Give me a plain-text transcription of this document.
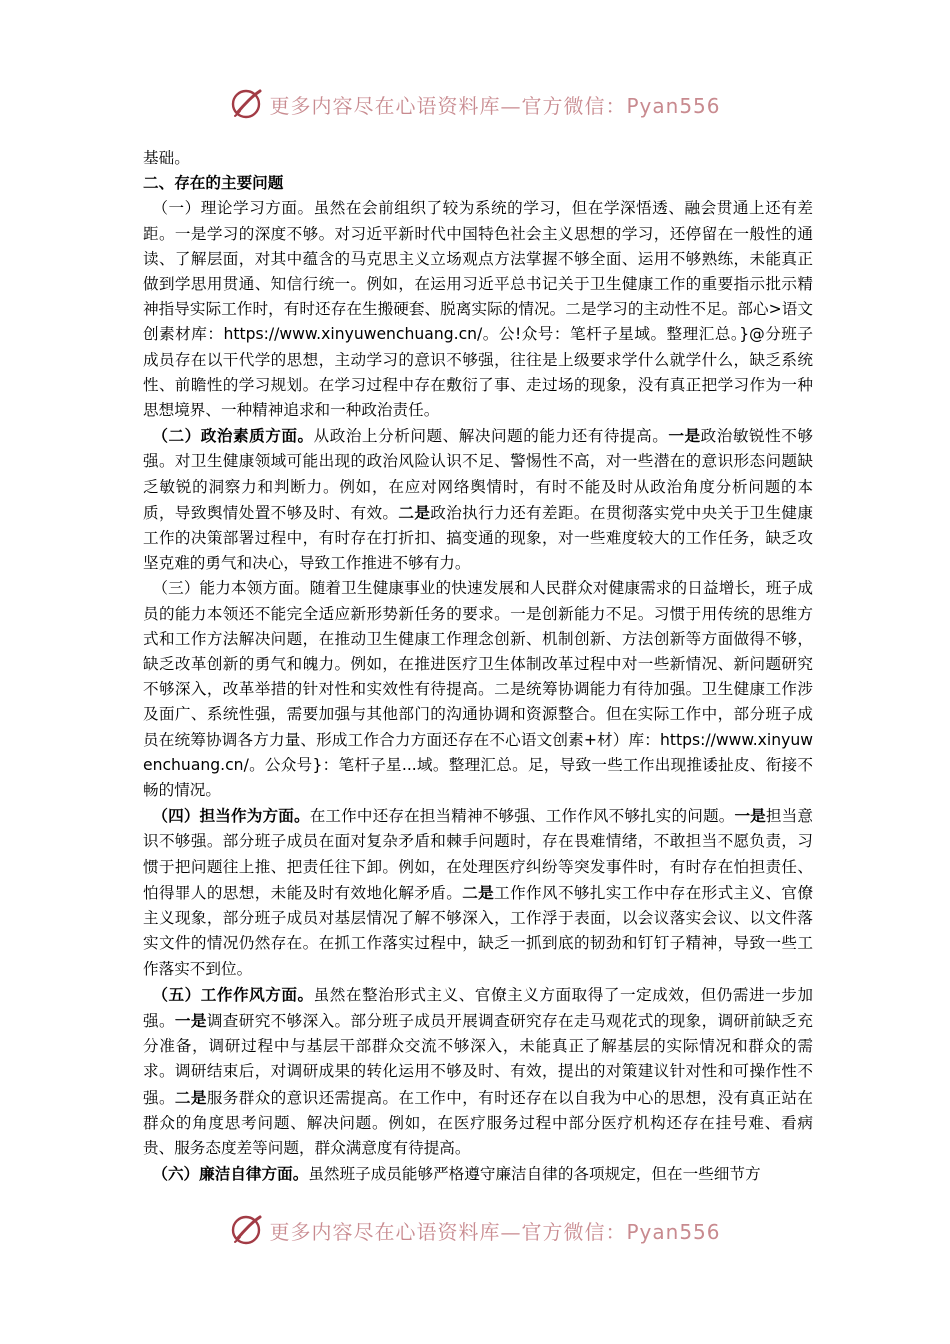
更多内容尽在心语资料库—官方微信：Pyan556

基础。

二、存在的主要问题

（一）理论学习方面。虽然在会前组织了较为系统的学习，但在学深悟透、融会贯通上还有差距。一是学习的深度不够。对习近平新时代中国特色社会主义思想的学习，还停留在一般性的通读、了解层面，对其中蕴含的马克思主义立场观点方法掌握不够全面、运用不够熟练，未能真正做到学思用贯通、知信行统一。例如，在运用习近平总书记关于卫生健康工作的重要指示批示精神指导实际工作时，有时还存在生搬硬套、脱离实际的情况。二是学习的主动性不足。部心>语文创素材库：https://www.xinyuwenchuang.cn/。公!众号：笔杆子星域。整理汇总。}@分班子成员存在以干代学的思想，主动学习的意识不够强，往往是上级要求学什么就学什么，缺乏系统性、前瞻性的学习规划。在学习过程中存在敷衍了事、走过场的现象，没有真正把学习作为一种思想境界、一种精神追求和一种政治责任。

（二）政治素质方面。从政治上分析问题、解决问题的能力还有待提高。一是政治敏锐性不够强。对卫生健康领域可能出现的政治风险认识不足、警惕性不高，对一些潜在的意识形态问题缺乏敏锐的洞察力和判断力。例如，在应对网络舆情时，有时不能及时从政治角度分析问题的本质，导致舆情处置不够及时、有效。二是政治执行力还有差距。在贯彻落实党中央关于卫生健康工作的决策部署过程中，有时存在打折扣、搞变通的现象，对一些难度较大的工作任务，缺乏攻坚克难的勇气和决心，导致工作推进不够有力。

（三）能力本领方面。随着卫生健康事业的快速发展和人民群众对健康需求的日益增长，班子成员的能力本领还不能完全适应新形势新任务的要求。一是创新能力不足。习惯于用传统的思维方式和工作方法解决问题，在推动卫生健康工作理念创新、机制创新、方法创新等方面做得不够，缺乏改革创新的勇气和魄力。例如，在推进医疗卫生体制改革过程中对一些新情况、新问题研究不够深入，改革举措的针对性和实效性有待提高。二是统筹协调能力有待加强。卫生健康工作涉及面广、系统性强，需要加强与其他部门的沟通协调和资源整合。但在实际工作中，部分班子成员在统筹协调各方力量、形成工作合力方面还存在不心语文创素+材）库：https://www.xinyuwenchuang.cn/。公众号}：笔杆子星...域。整理汇总。足，导致一些工作出现推诿扯皮、衔接不畅的情况。

（四）担当作为方面。在工作中还存在担当精神不够强、工作作风不够扎实的问题。一是担当意识不够强。部分班子成员在面对复杂矛盾和棘手问题时，存在畏难情绪，不敢担当不愿负责，习惯于把问题往上推、把责任往下卸。例如，在处理医疗纠纷等突发事件时，有时存在怕担责任、怕得罪人的思想，未能及时有效地化解矛盾。二是工作作风不够扎实工作中存在形式主义、官僚主义现象，部分班子成员对基层情况了解不够深入，工作浮于表面，以会议落实会议、以文件落实文件的情况仍然存在。在抓工作落实过程中，缺乏一抓到底的韧劲和钉钉子精神，导致一些工作落实不到位。

（五）工作作风方面。虽然在整治形式主义、官僚主义方面取得了一定成效，但仍需进一步加强。一是调查研究不够深入。部分班子成员开展调查研究存在走马观花式的现象，调研前缺乏充分准备，调研过程中与基层干部群众交流不够深入，未能真正了解基层的实际情况和群众的需求。调研结束后，对调研成果的转化运用不够及时、有效，提出的对策建议针对性和可操作性不强。二是服务群众的意识还需提高。在工作中，有时还存在以自我为中心的思想，没有真正站在群众的角度思考问题、解决问题。例如，在医疗服务过程中部分医疗机构还存在挂号难、看病贵、服务态度差等问题，群众满意度有待提高。

（六）廉洁自律方面。虽然班子成员能够严格遵守廉洁自律的各项规定，但在一些细节方

更多内容尽在心语资料库—官方微信：Pyan556
